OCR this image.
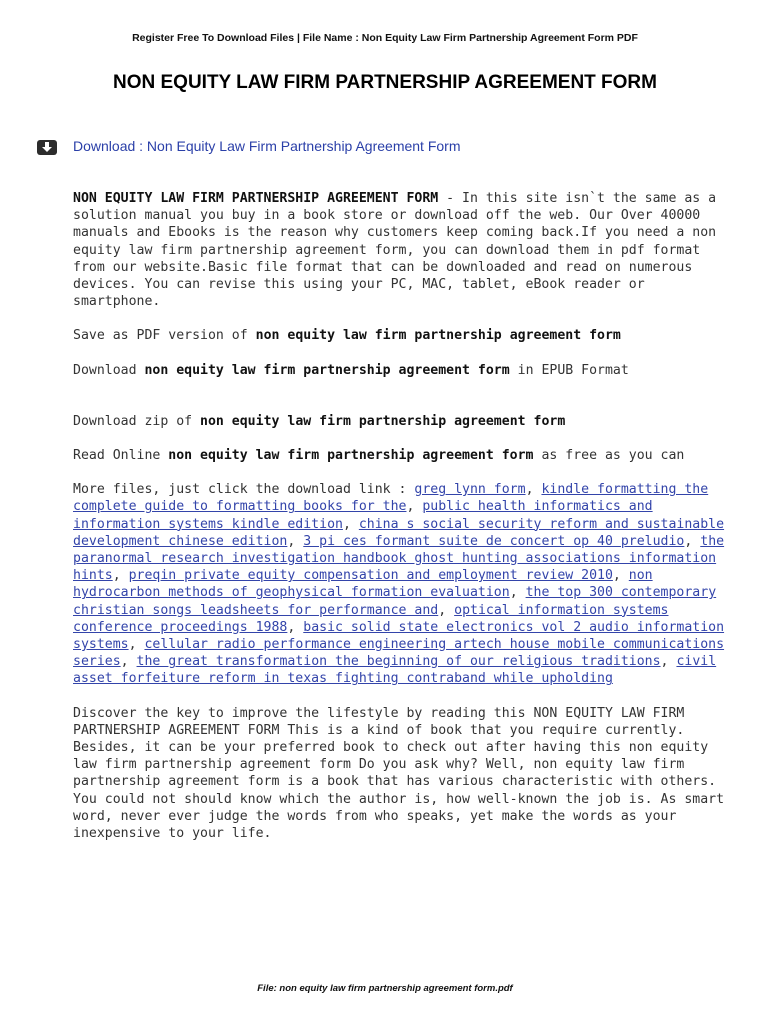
Register Free To Download Files | File Name : Non Equity Law Firm Partnership Agreement Form PDF
NON EQUITY LAW FIRM PARTNERSHIP AGREEMENT FORM
Download : Non Equity Law Firm Partnership Agreement Form

NON EQUITY LAW FIRM PARTNERSHIP AGREEMENT FORM - In this site isn`t the same as a solution manual you buy in a book store or download off the web. Our Over 40000 manuals and Ebooks is the reason why customers keep coming back.If you need a non equity law firm partnership agreement form, you can download them in pdf format from our website.Basic file format that can be downloaded and read on numerous devices. You can revise this using your PC, MAC, tablet, eBook reader or smartphone.

Save as PDF version of non equity law firm partnership agreement form

Download non equity law firm partnership agreement form in EPUB Format

Download zip of non equity law firm partnership agreement form

Read Online non equity law firm partnership agreement form as free as you can

More files, just click the download link : greg lynn form, kindle formatting the complete guide to formatting books for the, public health informatics and information systems kindle edition, china s social security reform and sustainable development chinese edition, 3 pi ces formant suite de concert op 40 preludio, the paranormal research investigation handbook ghost hunting associations information hints, preqin private equity compensation and employment review 2010, non hydrocarbon methods of geophysical formation evaluation, the top 300 contemporary christian songs leadsheets for performance and, optical information systems conference proceedings 1988, basic solid state electronics vol 2 audio information systems, cellular radio performance engineering artech house mobile communications series, the great transformation the beginning of our religious traditions, civil asset forfeiture reform in texas fighting contraband while upholding

Discover the key to improve the lifestyle by reading this NON EQUITY LAW FIRM PARTNERSHIP AGREEMENT FORM This is a kind of book that you require currently. Besides, it can be your preferred book to check out after having this non equity law firm partnership agreement form Do you ask why? Well, non equity law firm partnership agreement form is a book that has various characteristic with others. You could not should know which the author is, how well-known the job is. As smart word, never ever judge the words from who speaks, yet make the words as your inexpensive to your life.

File: non equity law firm partnership agreement form.pdf
